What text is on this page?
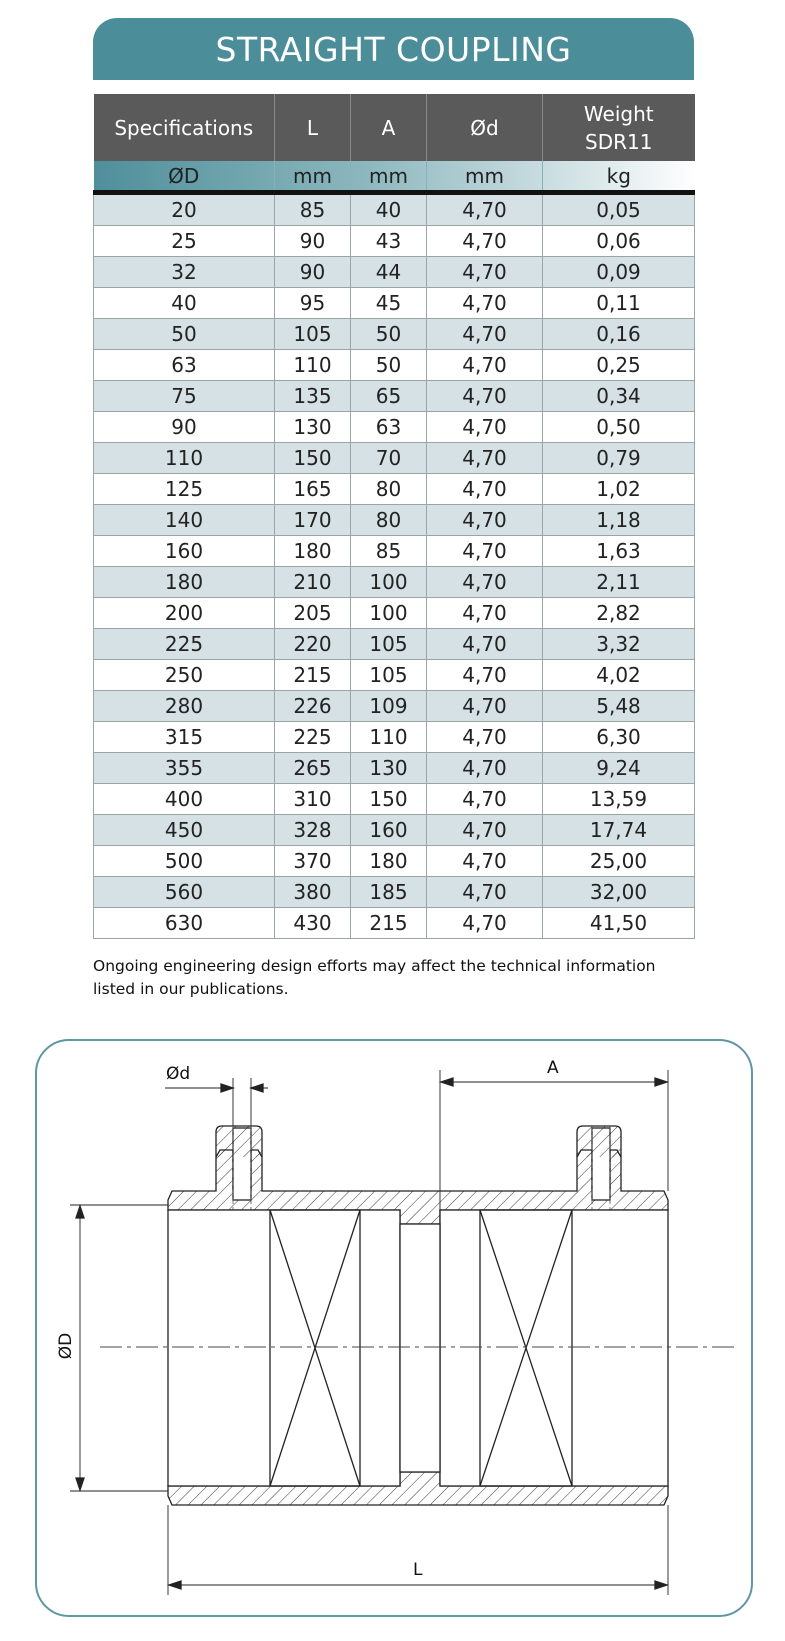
STRAIGHT COUPLING
Specifications	L	A	Ød	Weight
SDR11
ØD	mm	mm	mm	kg
20	85	40	4,70	0,05
25	90	43	4,70	0,06
32	90	44	4,70	0,09
40	95	45	4,70	0,11
50	105	50	4,70	0,16
63	110	50	4,70	0,25
75	135	65	4,70	0,34
90	130	63	4,70	0,50
110	150	70	4,70	0,79
125	165	80	4,70	1,02
140	170	80	4,70	1,18
160	180	85	4,70	1,63
180	210	100	4,70	2,11
200	205	100	4,70	2,82
225	220	105	4,70	3,32
250	215	105	4,70	4,02
280	226	109	4,70	5,48
315	225	110	4,70	6,30
355	265	130	4,70	9,24
400	310	150	4,70	13,59
450	328	160	4,70	17,74
500	370	180	4,70	25,00
560	380	185	4,70	32,00
630	430	215	4,70	41,50
Ongoing engineering design efforts may affect the technical information
listed in our publications.
Ød	A
ØD
L
